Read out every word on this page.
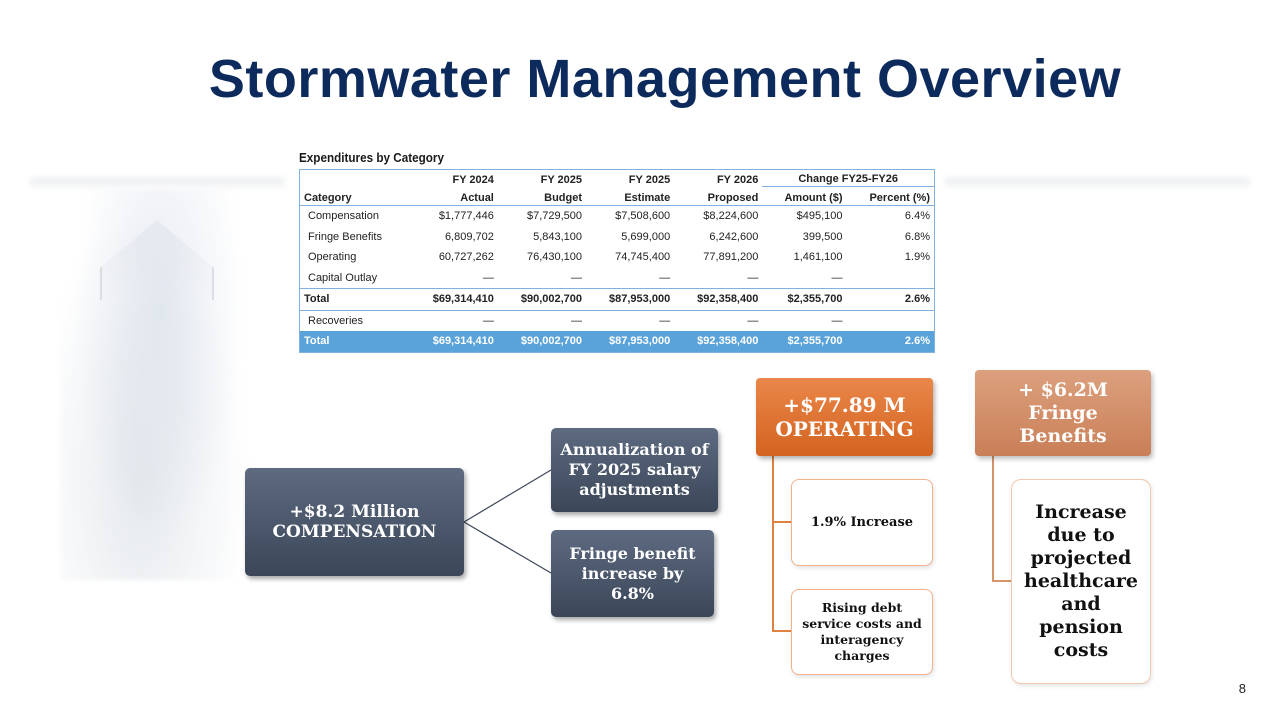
Stormwater Management Overview
Expenditures by Category
	FY 2024	FY 2025	FY 2025	FY 2026	Change FY25-FY26	
Category	Actual	Budget	Estimate	Proposed	Amount ($)	Percent (%)
Compensation	$1,777,446	$7,729,500	$7,508,600	$8,224,600	$495,100	6.4%
Fringe Benefits	6,809,702	5,843,100	5,699,000	6,242,600	399,500	6.8%
Operating	60,727,262	76,430,100	74,745,400	77,891,200	1,461,100	1.9%
Capital Outlay	—	—	—	—	—	
Total	$69,314,410	$90,002,700	$87,953,000	$92,358,400	$2,355,700	2.6%
Recoveries	—	—	—	—	—	
Total	$69,314,410	$90,002,700	$87,953,000	$92,358,400	$2,355,700	2.6%
+$8.2 Million COMPENSATION
Annualization of FY 2025 salary adjustments
Fringe benefit increase by 6.8%
+$77.89 M OPERATING
1.9% Increase
Rising debt service costs and interagency charges
+ $6.2M Fringe Benefits
Increase due to projected healthcare and pension costs
8
